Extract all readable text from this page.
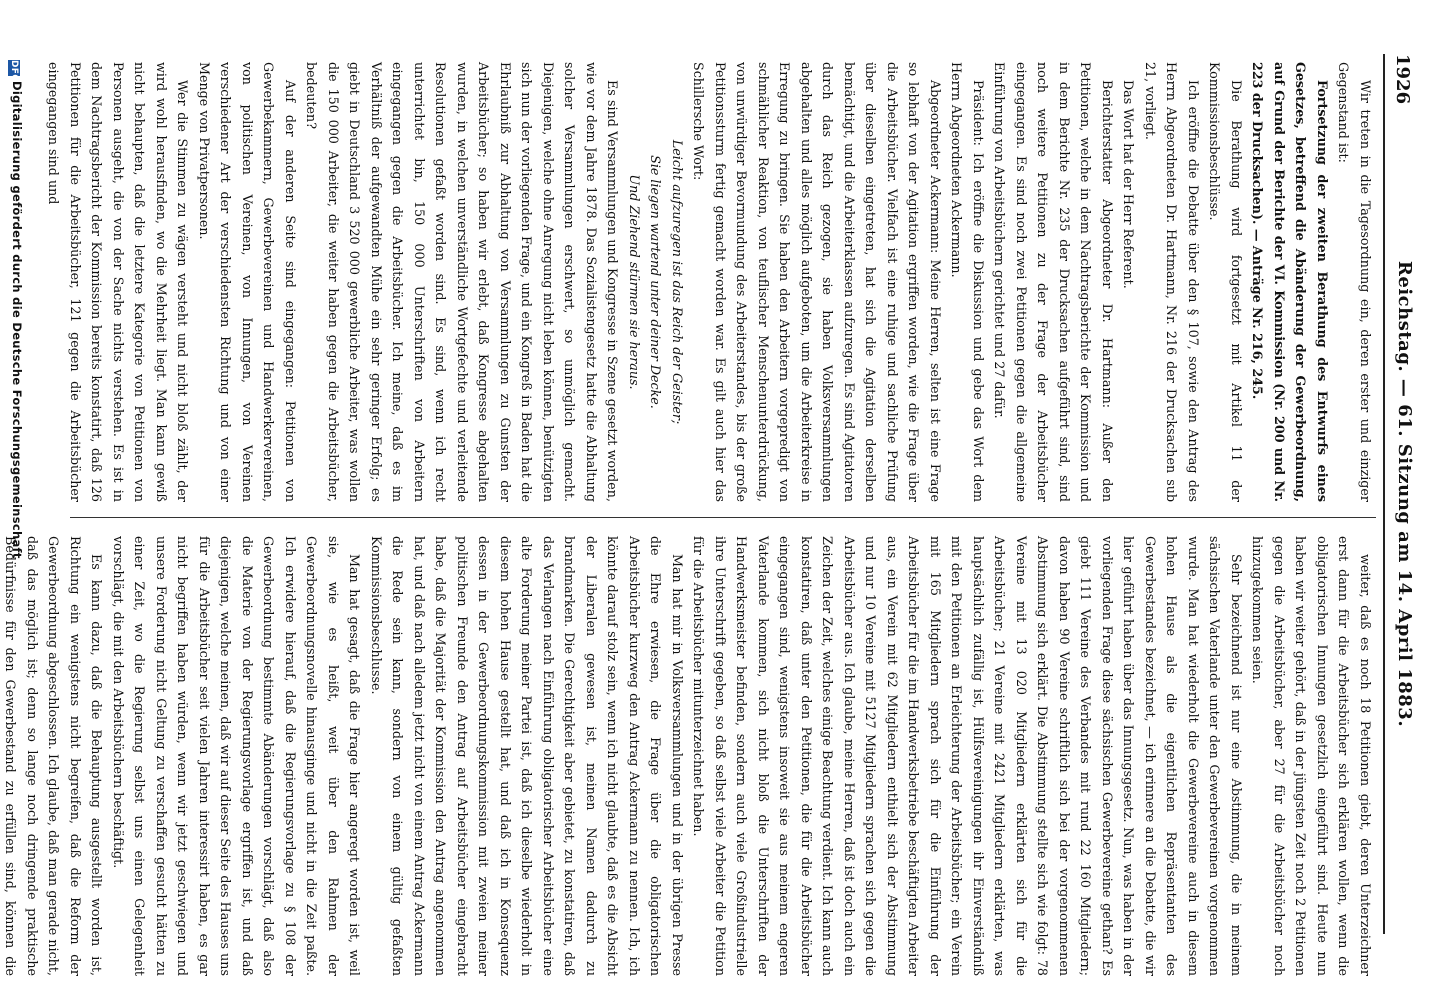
1926
Reichstag. — 61. Sitzung am 14. April 1883.

Wir treten in die Tagesordnung ein, deren erster und einziger Gegenstand ist:

Fortsetzung der zweiten Berathung des Entwurfs eines Gesetzes, betreffend die Abänderung der Gewerbeordnung, auf Grund der Berichte der VI. Kommission (Nr. 200 und Nr. 223 der Drucksachen). — Anträge Nr. 216, 245.

Die Berathung wird fortgesetzt mit Artikel 11 der Kommissionsbeschlüsse.

Ich eröffne die Debatte über den § 107, sowie den Antrag des Herrn Abgeordneten Dr. Hartmann, Nr. 216 der Drucksachen sub 21, vorliegt.

Das Wort hat der Herr Referent.

Berichterstatter Abgeordneter Dr. Hartmann: Außer den Petitionen, welche in dem Nachtragsberichte der Kommission und in dem Berichte Nr. 235 der Drucksachen aufgeführt sind, sind noch weitere Petitionen zu der Frage der Arbeitsbücher eingegangen. Es sind noch zwei Petitionen gegen die allgemeine Einführung von Arbeitsbüchern gerichtet und 27 dafür.

Präsident: Ich eröffne die Diskussion und gebe das Wort dem Herrn Abgeordneten Ackermann.

Abgeordneter Ackermann: Meine Herren, selten ist eine Frage so lebhaft von der Agitation ergriffen worden, wie die Frage über die Arbeitsbücher. Vielfach ist eine ruhige und sachliche Prüfung über dieselben eingetreten, hat sich die Agitation derselben bemächtigt, und die Arbeiterklassen aufzuregen. Es sind Agitatoren durch das Reich gezogen, sie haben Volksversammlungen abgehalten und alles möglich aufgeboten, um die Arbeiterkreise in Erregung zu bringen. Sie haben den Arbeitern vorgepredigt von schmählicher Reaktion, von teuflischer Menschenunterdrückung, von unwürdiger Bevormundung des Arbeiterstandes, bis der große Petitionssturm fertig gemacht worden war. Es gilt auch hier das Schillersche Wort:

Leicht aufzuregen ist das Reich der Geister;

Sie liegen wartend unter deiner Decke.

Und Ziehend stürmen sie heraus.

Es sind Versammlungen und Kongresse in Szene gesetzt worden, wie vor dem Jahre 1878. Das Sozialistengesetz hatte die Abhaltung solcher Versammlungen erschwert, so unmöglich gemacht. Diejenigen, welche ohne Anregung nicht leben können, benützigten sich nun der vorliegenden Frage, und ein Kongreß in Baden hat die Ehrlaubniß zur Abhaltung von Versammlungen zu Gunsten der Arbeitsbücher; so haben wir erlebt, daß Kongresse abgehalten wurden, in welchen unverständliche Wortgefechte und verleitende Resolutionen gefaßt worden sind. Es sind, wenn ich recht unterrichtet bin, 150 000 Unterschriften von Arbeitern eingegangen gegen die Arbeitsbücher. Ich meine, daß es im Verhältniß der aufgewandten Mühe ein sehr geringer Erfolg; es giebt in Deutschland 3 520 000 gewerbliche Arbeiter, was wollen die 150 000 Arbeiter, die weiter haben gegen die Arbeitsbücher, bedeuten?

Auf der anderen Seite sind eingegangen: Petitionen von Gewerbekammern, Gewerbevereinen und Handwerkervereinen, von politischen Vereinen, von Innungen, von Vereinen verschiedener Art der verschiedensten Richtung und von einer Menge von Privatpersonen.

Wer die Stimmen zu wägen versteht und nicht bloß zählt, der wird wohl herausfinden, wo die Mehrheit liegt. Man kann gewiß nicht behaupten, daß die letztere Kategorie von Petitionen von Personen ausgeht, die von der Sache nichts verstehen. Es ist in dem Nachtragsbericht der Kommission bereits konstatirt, daß 126 Petitionen für die Arbeitsbücher, 121 gegen die Arbeitsbücher eingegangen sind und

weiter, daß es noch 18 Petitionen giebt, deren Unterzeichner erst dann für die Arbeitsbücher sich erklären wollen, wenn die obligatorischen Innungen gesetzlich eingeführt sind. Heute nun haben wir weiter gehört, daß in der jüngsten Zeit noch 2 Petitionen gegen die Arbeitsbücher, aber 27 für die Arbeitsbücher noch hinzugekommen seien.

Sehr bezeichnend ist nur eine Abstimmung, die in meinem sächsischen Vaterlande unter den Gewerbevereinen vorgenommen wurde. Man hat wiederholt die Gewerbevereine auch in diesem hohen Hause als die eigentlichen Repräsentanten des Gewerbestandes bezeichnet, — ich erinnere an die Debatte, die wir hier geführt haben über das Innungsgesetz. Nun, was haben in der vorliegenden Frage diese sächsischen Gewerbevereine gethan? Es giebt 111 Vereine des Verbandes mit rund 22 160 Mitgliedern; davon haben 90 Vereine schriftlich sich bei der vorgenommenen Abstimmung sich erklärt. Die Abstimmung stellte sich wie folgt: 78 Vereine mit 13 020 Mitgliedern erklärten sich für die Arbeitsbücher; 21 Vereine mit 2421 Mitgliedern erklärten, was hauptsächlich zufällig ist, Hülfsvereinigungen ihr Einverständniß mit den Petitionen an Erleichterung der Arbeitsbücher; ein Verein mit 165 Mitgliedern sprach sich für die Einführung der Arbeitsbücher für die im Handwerksbetriebe beschäftigten Arbeiter aus, ein Verein mit 62 Mitgliedern enthielt sich der Abstimmung und nur 10 Vereine mit 5127 Mitgliedern sprachen sich gegen die Arbeitsbücher aus. Ich glaube, meine Herren, daß ist doch auch ein Zeichen der Zeit, welches einige Beachtung verdient. Ich kann auch konstatiren, daß unter den Petitionen, die für die Arbeitsbücher eingegangen sind, wenigstens insoweit sie aus meinem engeren Vaterlande kommen, sich nicht bloß die Unterschriften der Handwerksmeister befinden, sondern auch viele Großindustrielle ihre Unterschrift gegeben, so daß selbst viele Arbeiter die Petition für die Arbeitsbücher mitunterzeichnet haben.

Man hat mir in Volksversammlungen und in der übrigen Presse die Ehre erwiesen, die Frage über die obligatorischen Arbeitsbücher kurzweg den Antrag Ackermann zu nennen. Ich, ich könnte darauf stolz sein, wenn ich nicht glaubte, daß es die Absicht der Liberalen gewesen ist, meinen Namen dadurch zu brandmarken. Die Gerechtigkeit aber gebietet, zu konstatiren, daß das Verlangen nach Einführung obligatorischer Arbeitsbücher eine alte Forderung meiner Partei ist, daß ich dieselbe wiederholt in diesem hohen Hause gestellt hat, und daß ich in Konsequenz dessen in der Gewerbeordnungskommission mit zweien meiner politischen Freunde den Antrag auf Arbeitsbücher eingebracht habe, daß die Majorität der Kommission den Antrag angenommen hat, und daß nach alledem jetzt nicht von einem Antrag Ackermann die Rede sein kann, sondern von einem gültig gefaßten Kommissionsbeschlusse.

Man hat gesagt, daß die Frage hier angeregt worden ist, weil sie, wie es heißt, weit über den Rahmen der Gewerbeordnungsnovelle hinausginge und nicht in die Zeit paßte. Ich erwidere hierauf, daß die Regierungsvorlage zu § 108 der Gewerbeordnung bestimmte Abänderungen vorschlägt, daß also die Materie von der Regierungsvorlage ergriffen ist, und daß diejenigen, welche meinen, daß wir auf dieser Seite des Hauses uns für die Arbeitsbücher seit vielen Jahren interessirt haben, es gar nicht begriffen haben würden, wenn wir jetzt geschwiegen und unsere Forderung nicht Geltung zu verschaffen gesucht hätten zu einer Zeit, wo die Regierung selbst uns einen Gelegenheit vorschlägt, die mit den Arbeitsbüchern beschäftigt.

Es kann dazu, daß die Behauptung ausgestellt worden ist, Richtung ein wenigstens nicht begreifen, daß die Reform der Gewerbeordnung abgeschlossen. Ich glaube, daß man gerade nicht, daß das möglich ist; denn so lange noch dringende praktische Bedürfnisse für den Gewerbestand zu erfüllen sind, können die

DFGDigitalisierung gefördert durch die Deutsche Forschungsgemeinschaft
